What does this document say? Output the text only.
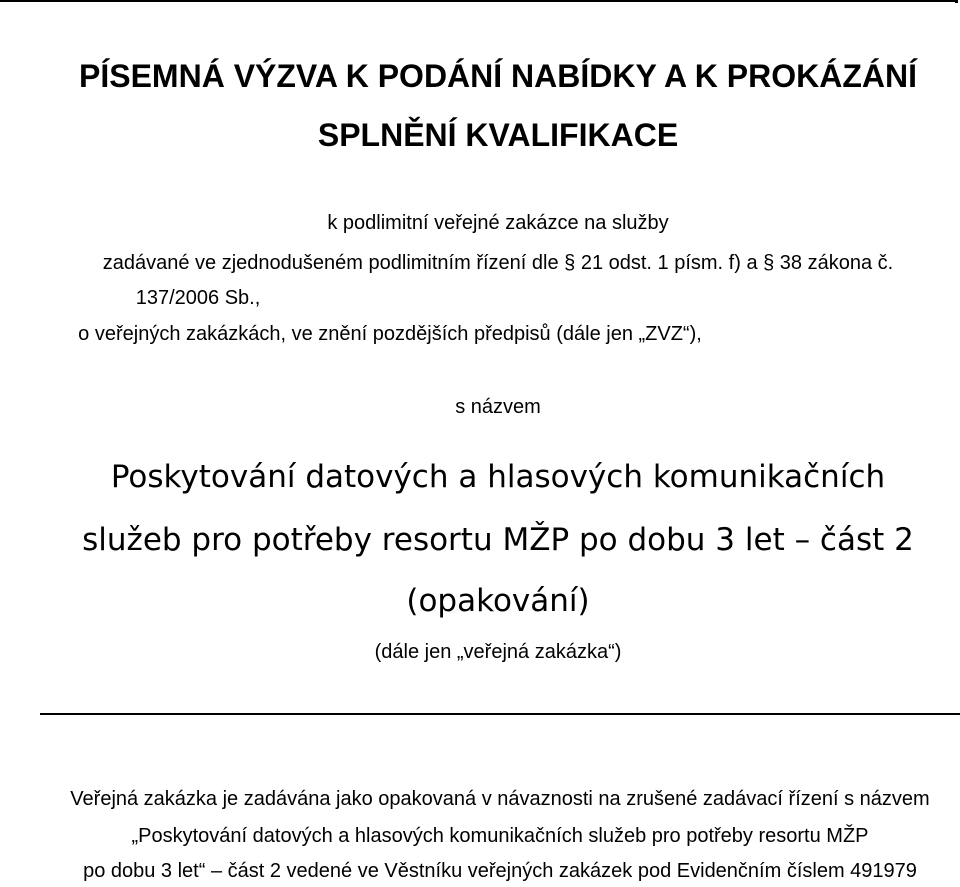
PÍSEMNÁ VÝZVA K PODÁNÍ NABÍDKY A K PROKÁZÁNÍ
SPLNĚNÍ KVALIFIKACE
k podlimitní veřejné zakázce na služby
zadávané ve zjednodušeném podlimitním řízení dle § 21 odst. 1 písm. f) a § 38 zákona č.
137/2006 Sb.,
o veřejných zakázkách, ve znění pozdějších předpisů (dále jen „ZVZ“),
s názvem
Poskytování datových a hlasových komunikačních
služeb pro potřeby resortu MŽP po dobu 3 let – část 2
(opakování)
(dále jen „veřejná zakázka“)
Veřejná zakázka je zadávána jako opakovaná v návaznosti na zrušené zadávací řízení s názvem
„Poskytování datových a hlasových komunikačních služeb pro potřeby resortu MŽP
po dobu 3 let“ – část 2 vedené ve Věstníku veřejných zakázek pod Evidenčním číslem 491979
